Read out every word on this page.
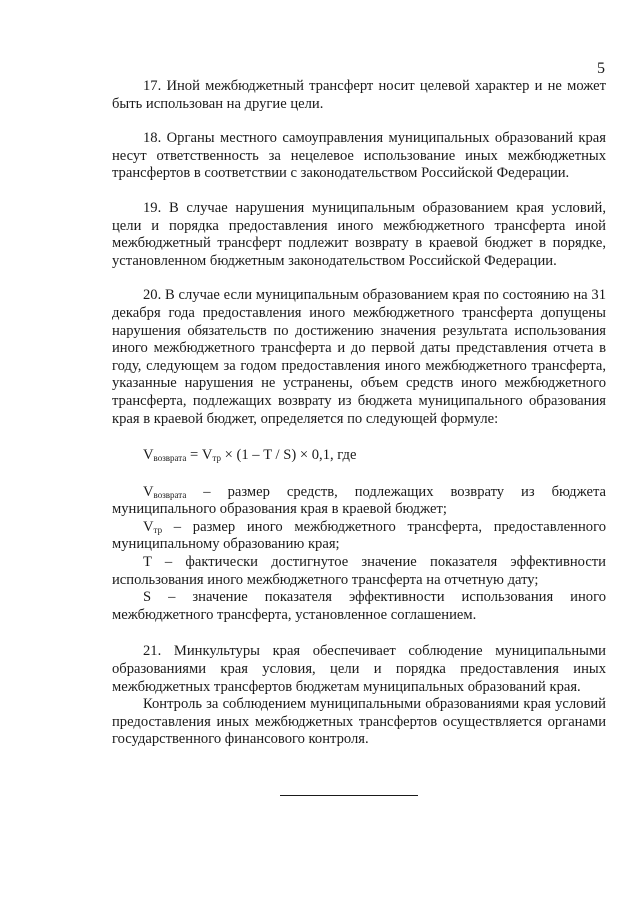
5

17. Иной межбюджетный трансферт носит целевой характер и не может быть использован на другие цели.

18. Органы местного самоуправления муниципальных образований края несут ответственность за нецелевое использование иных межбюджетных трансфертов в соответствии с законодательством Российской Федерации.

19. В случае нарушения муниципальным образованием края условий, цели и порядка предоставления иного межбюджетного трансферта иной межбюджетный трансферт подлежит возврату в краевой бюджет в порядке, установленном бюджетным законодательством Российской Федерации.

20. В случае если муниципальным образованием края по состоянию на 31 декабря года предоставления иного межбюджетного трансферта допущены нарушения обязательств по достижению значения результата использования иного межбюджетного трансферта и до первой даты представления отчета в году, следующем за годом предоставления иного межбюджетного трансферта, указанные нарушения не устранены, объем средств иного межбюджетного трансферта, подлежащих возврату из бюджета муниципального образования края в краевой бюджет, определяется по следующей формуле:

$V_{возврата} = V_{тр} \times (1 - T / S) \times 0,1$, где

$V_{возврата}$ – размер средств, подлежащих возврату из бюджета муниципального образования края в краевой бюджет;

$V_{тр}$ – размер иного межбюджетного трансферта, предоставленного муниципальному образованию края;

T – фактически достигнутое значение показателя эффективности использования иного межбюджетного трансферта на отчетную дату;

S – значение показателя эффективности использования иного межбюджетного трансферта, установленное соглашением.

21. Минкультуры края обеспечивает соблюдение муниципальными образованиями края условия, цели и порядка предоставления иных межбюджетных трансфертов бюджетам муниципальных образований края.

Контроль за соблюдением муниципальными образованиями края условий предоставления иных межбюджетных трансфертов осуществляется органами государственного финансового контроля.
